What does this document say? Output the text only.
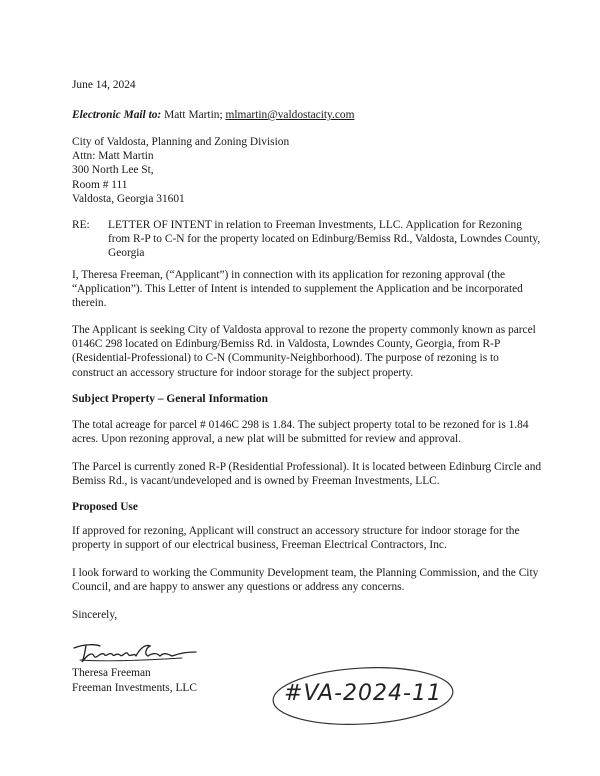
June 14, 2024

Electronic Mail to: Matt Martin; mlmartin@valdostacity.com

City of Valdosta, Planning and Zoning Division
Attn: Matt Martin
300 North Lee St,
Room # 111
Valdosta, Georgia 31601
RE: LETTER OF INTENT in relation to Freeman Investments, LLC. Application for Rezoning from R-P to C-N for the property located on Edinburg/Bemiss Rd., Valdosta, Lowndes County, Georgia

I, Theresa Freeman, (“Applicant”) in connection with its application for rezoning approval (the “Application”). This Letter of Intent is intended to supplement the Application and be incorporated therein.

The Applicant is seeking City of Valdosta approval to rezone the property commonly known as parcel 0146C 298 located on Edinburg/Bemiss Rd. in Valdosta, Lowndes County, Georgia, from R-P (Residential-Professional) to C-N (Community-Neighborhood). The purpose of rezoning is to construct an accessory structure for indoor storage for the subject property.

Subject Property – General Information

The total acreage for parcel # 0146C 298 is 1.84. The subject property total to be rezoned for is 1.84 acres. Upon rezoning approval, a new plat will be submitted for review and approval.

The Parcel is currently zoned R-P (Residential Professional). It is located between Edinburg Circle and Bemiss Rd., is vacant/undeveloped and is owned by Freeman Investments, LLC.

Proposed Use

If approved for rezoning, Applicant will construct an accessory structure for indoor storage for the property in support of our electrical business, Freeman Electrical Contractors, Inc.

I look forward to working the Community Development team, the Planning Commission, and the City Council, and are happy to answer any questions or address any concerns.

Sincerely,

Theresa Freeman

Freeman Investments, LLC	#VA-2024-11
